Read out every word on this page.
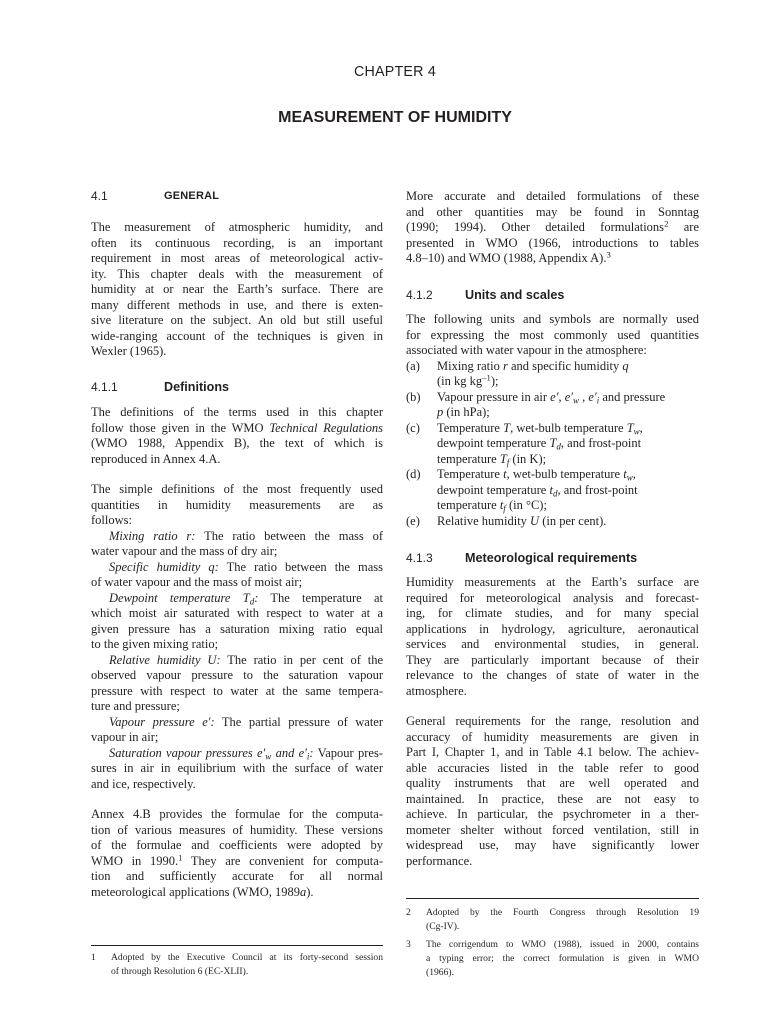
CHAPTER 4
MEASUREMENT OF HUMIDITY
4.1	GENERAL
The measurement of atmospheric humidity, and
often its continuous recording, is an important
requirement in most areas of meteorological activ-
ity. This chapter deals with the measurement of
humidity at or near the Earth’s surface. There are
many different methods in use, and there is exten-
sive literature on the subject. An old but still useful
wide-ranging account of the techniques is given in
Wexler (1965).
4.1.1	Definitions
The definitions of the terms used in this chapter
follow those given in the WMO Technical Regulations
(WMO 1988, Appendix B), the text of which is
reproduced in Annex 4.A.
The simple definitions of the most frequently used
quantities in humidity measurements are as
follows:
Mixing ratio r: The ratio between the mass of
water vapour and the mass of dry air;
Specific humidity q: The ratio between the mass
of water vapour and the mass of moist air;
Dewpoint temperature $T_d$: The temperature at
which moist air saturated with respect to water at a
given pressure has a saturation mixing ratio equal
to the given mixing ratio;
Relative humidity U: The ratio in per cent of the
observed vapour pressure to the saturation vapour
pressure with respect to water at the same tempera-
ture and pressure;
Vapour pressure e′: The partial pressure of water
vapour in air;
Saturation vapour pressures $e'_w$ and $e'_i$: Vapour pres-
sures in air in equilibrium with the surface of water
and ice, respectively.
Annex 4.B provides the formulae for the computa-
tion of various measures of humidity. These versions
of the formulae and coefficients were adopted by
WMO in 1990.$^1$ They are convenient for computa-
tion and sufficiently accurate for all normal
meteorological applications (WMO, 1989a).
1 Adopted by the Executive Council at its forty-second session
of through Resolution 6 (EC-XLII).
More accurate and detailed formulations of these
and other quantities may be found in Sonntag
(1990; 1994). Other detailed formulations$^2$ are
presented in WMO (1966, introductions to tables
4.8–10) and WMO (1988, Appendix A).$^3$
4.1.2	Units and scales
The following units and symbols are normally used
for expressing the most commonly used quantities
associated with water vapour in the atmosphere:
(a) Mixing ratio r and specific humidity q
(in kg $kg^{-1}$);
(b) Vapour pressure in air e′, $e'_w$ , $e'_i$ and pressure
p (in hPa);
(c) Temperature T, wet-bulb temperature $T_w$,
dewpoint temperature $T_d$, and frost-point
temperature $T_f$ (in K);
(d) Temperature t, wet-bulb temperature $t_w$,
dewpoint temperature $t_d$, and frost-point
temperature $t_f$ (in °C);
(e) Relative humidity U (in per cent).
4.1.3	Meteorological requirements
Humidity measurements at the Earth’s surface are
required for meteorological analysis and forecast-
ing, for climate studies, and for many special
applications in hydrology, agriculture, aeronautical
services and environmental studies, in general.
They are particularly important because of their
relevance to the changes of state of water in the
atmosphere.
General requirements for the range, resolution and
accuracy of humidity measurements are given in
Part I, Chapter 1, and in Table 4.1 below. The achiev-
able accuracies listed in the table refer to good
quality instruments that are well operated and
maintained. In practice, these are not easy to
achieve. In particular, the psychrometer in a ther-
mometer shelter without forced ventilation, still in
widespread use, may have significantly lower
performance.
2 Adopted by the Fourth Congress through Resolution 19
(Cg-IV).
3 The corrigendum to WMO (1988), issued in 2000, contains
a typing error; the correct formulation is given in WMO
(1966).
